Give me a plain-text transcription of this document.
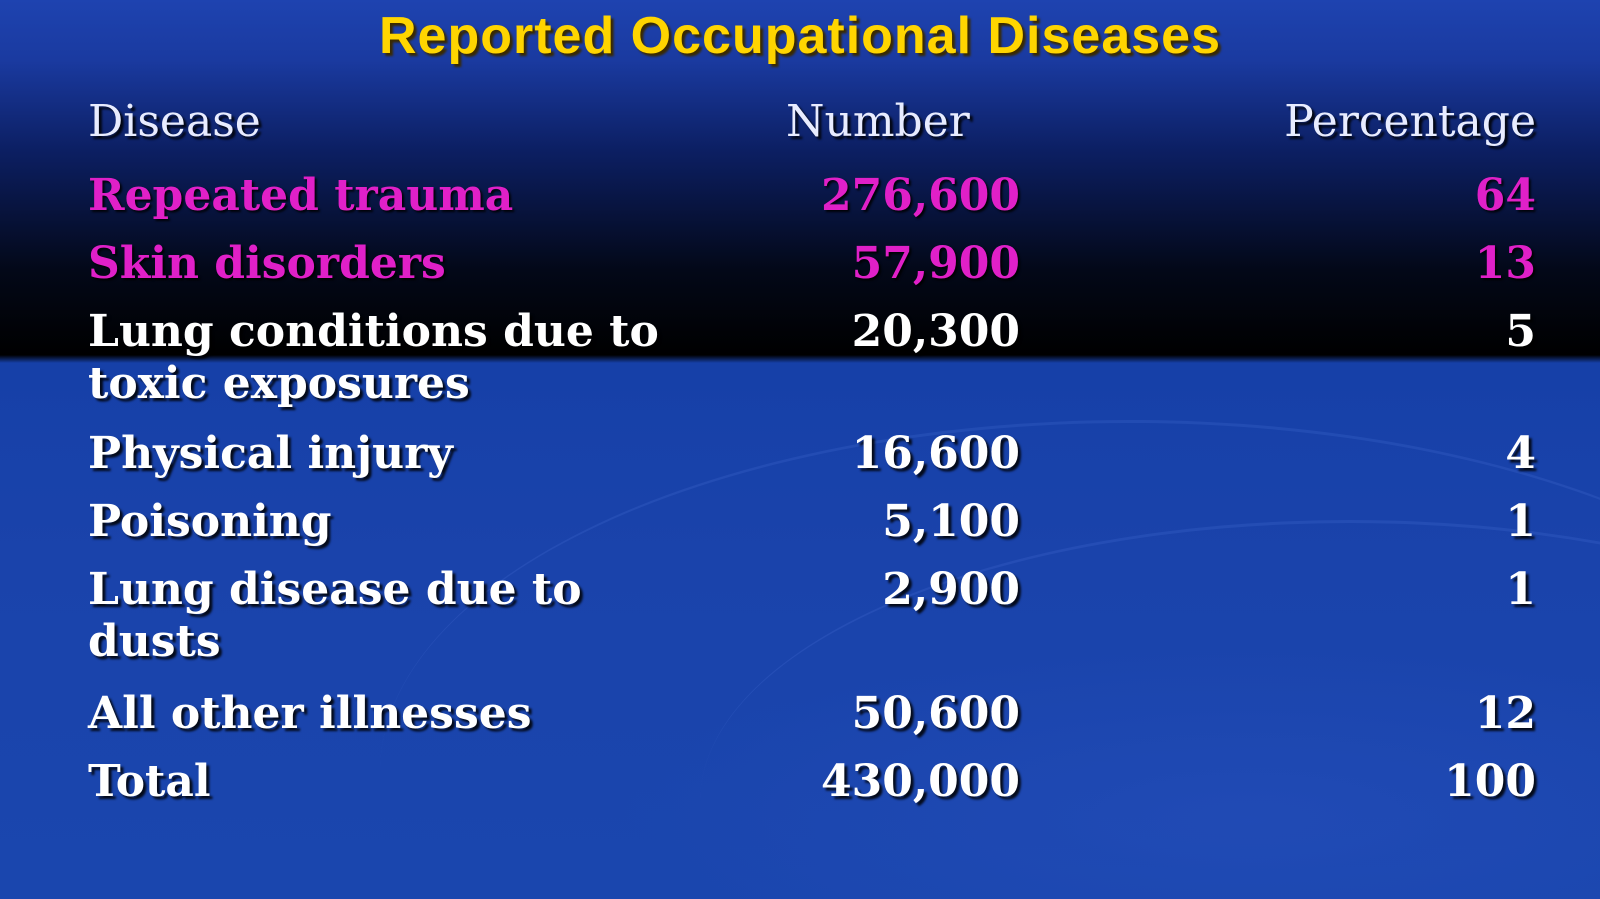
Reported Occupational Diseases
Disease	Number	Percentage
Repeated trauma	276,600	64
Skin disorders	57,900	13
Lung conditions due to
toxic exposures
20,300	5
Physical injury	16,600	4
Poisoning	5,100	1
Lung disease due to
dusts
2,900	1
All other illnesses	50,600	12
Total	430,000	100
